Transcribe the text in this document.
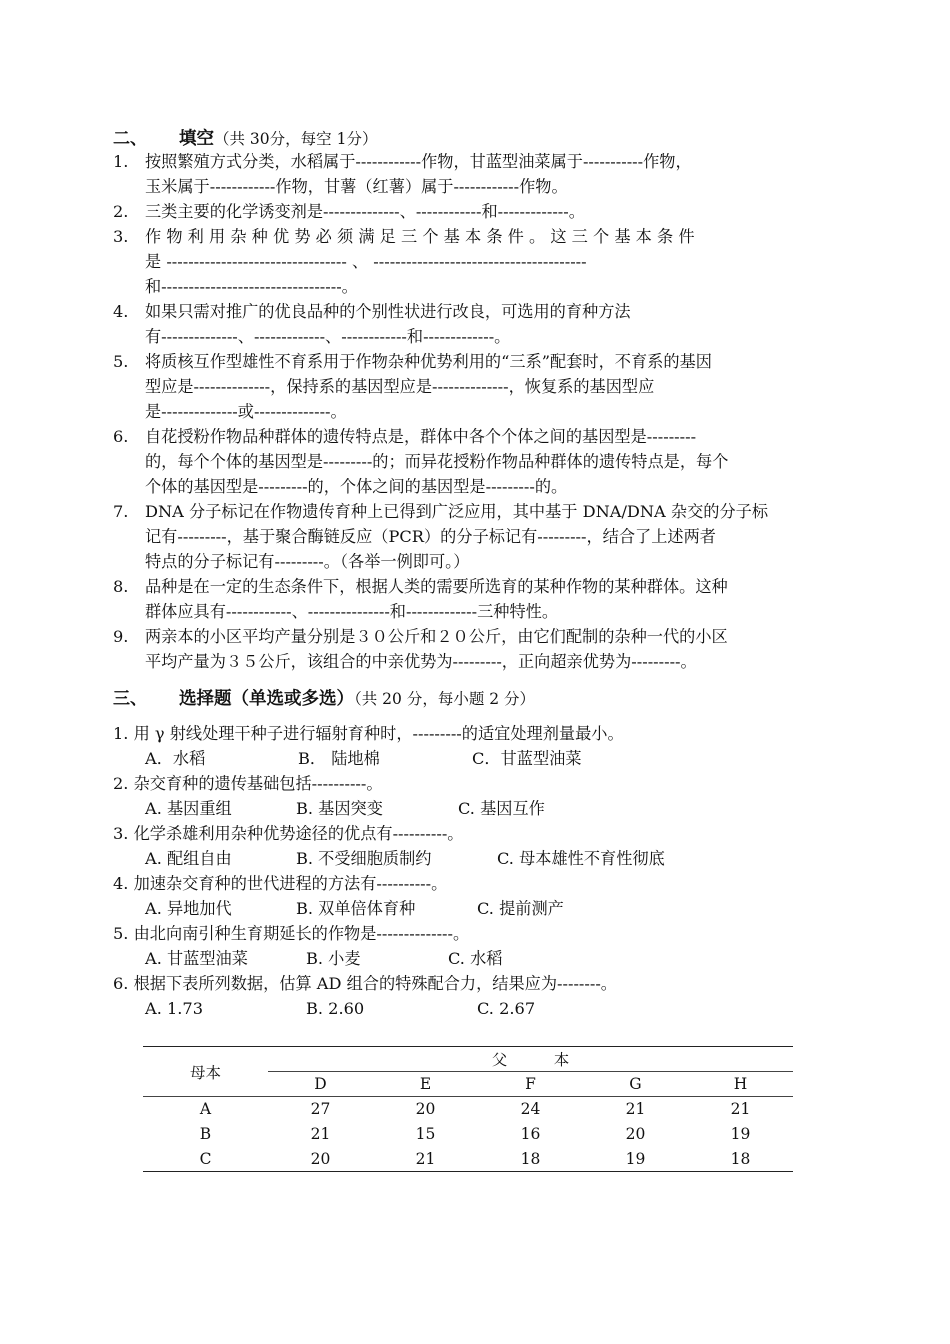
二、 填空（共 30分，每空 1分）
1. 按照繁殖方式分类，水稻属于------------作物，甘蓝型油菜属于-----------作物，
玉米属于------------作物，甘薯（红薯）属于------------作物。
2. 三类主要的化学诱变剂是--------------、------------和-------------。
3. 作 物 利 用 杂 种 优 势 必 须 满 足 三 个 基 本 条 件 。 这 三 个 基 本 条 件
是 --------------------------------- 、 ---------------------------------------
和---------------------------------。
4. 如果只需对推广的优良品种的个别性状进行改良，可选用的育种方法
有--------------、-------------、------------和-------------。
5. 将质核互作型雄性不育系用于作物杂种优势利用的“三系”配套时，不育系的基因
型应是--------------，保持系的基因型应是--------------，恢复系的基因型应
是--------------或--------------。
6. 自花授粉作物品种群体的遗传特点是，群体中各个个体之间的基因型是---------
的，每个个体的基因型是---------的；而异花授粉作物品种群体的遗传特点是，每个
个体的基因型是---------的，个体之间的基因型是---------的。
7. DNA 分子标记在作物遗传育种上已得到广泛应用，其中基于 DNA/DNA 杂交的分子标
记有---------，基于聚合酶链反应（PCR）的分子标记有---------，结合了上述两者
特点的分子标记有---------。（各举一例即可。）
8. 品种是在一定的生态条件下，根据人类的需要所选育的某种作物的某种群体。这种
群体应具有------------、---------------和-------------三种特性。
9. 两亲本的小区平均产量分别是３０公斤和２０公斤，由它们配制的杂种一代的小区
平均产量为３５公斤，该组合的中亲优势为---------，正向超亲优势为---------。
三、 选择题（单选或多选）（共 20 分，每小题 2 分）
1. 用 γ 射线处理干种子进行辐射育种时，---------的适宜处理剂量最小。
A．水稻	B． 陆地棉	C．甘蓝型油菜
2. 杂交育种的遗传基础包括----------。
A. 基因重组	B. 基因突变	C. 基因互作
3. 化学杀雄利用杂种优势途径的优点有----------。
A. 配组自由	B. 不受细胞质制约	C. 母本雄性不育性彻底
4. 加速杂交育种的世代进程的方法有----------。
A. 异地加代	B. 双单倍体育种	C. 提前测产
5. 由北向南引种生育期延长的作物是--------------。
A. 甘蓝型油菜	B. 小麦	C. 水稻
6. 根据下表所列数据，估算 AD 组合的特殊配合力，结果应为--------。
A. 1.73	B. 2.60	C. 2.67
母本	父　　　本				
	D	E	F	G	H
A	27	20	24	21	21
B	21	15	16	20	19
C	20	21	18	19	18
